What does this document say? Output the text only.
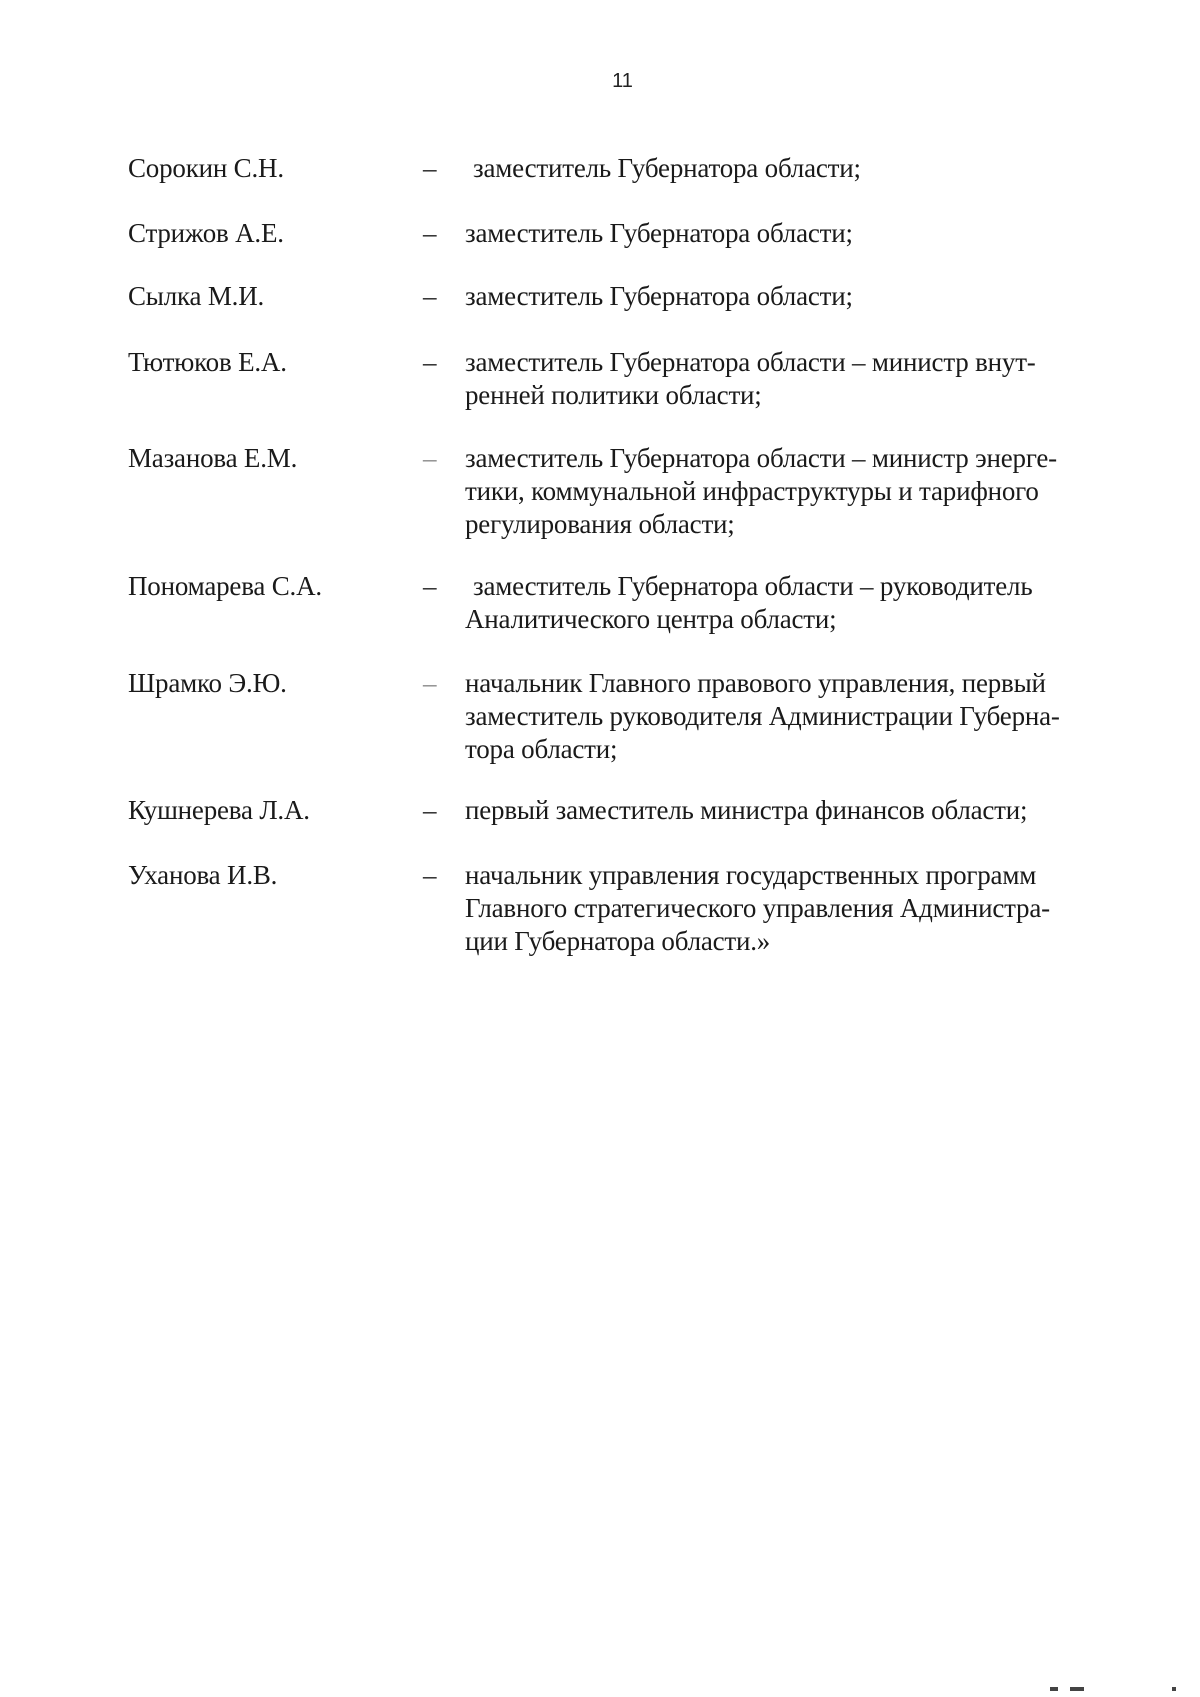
11
Сорокин С.Н.	–	заместитель Губернатора области;
Стрижов А.Е.	–	заместитель Губернатора области;
Сылка М.И.	–	заместитель Губернатора области;
Тютюков Е.А.	–	заместитель Губернатора области – министр внут-
ренней политики области;
Мазанова Е.М.	–	заместитель Губернатора области – министр энерге-
тики, коммунальной инфраструктуры и тарифного
регулирования области;
Пономарева С.А.	–	заместитель Губернатора области – руководитель
Аналитического центра области;
Шрамко Э.Ю.	–	начальник Главного правового управления, первый
заместитель руководителя Администрации Губерна-
тора области;
Кушнерева Л.А.	–	первый заместитель министра финансов области;
Уханова И.В.	–	начальник управления государственных программ
Главного стратегического управления Администра-
ции Губернатора области.»
